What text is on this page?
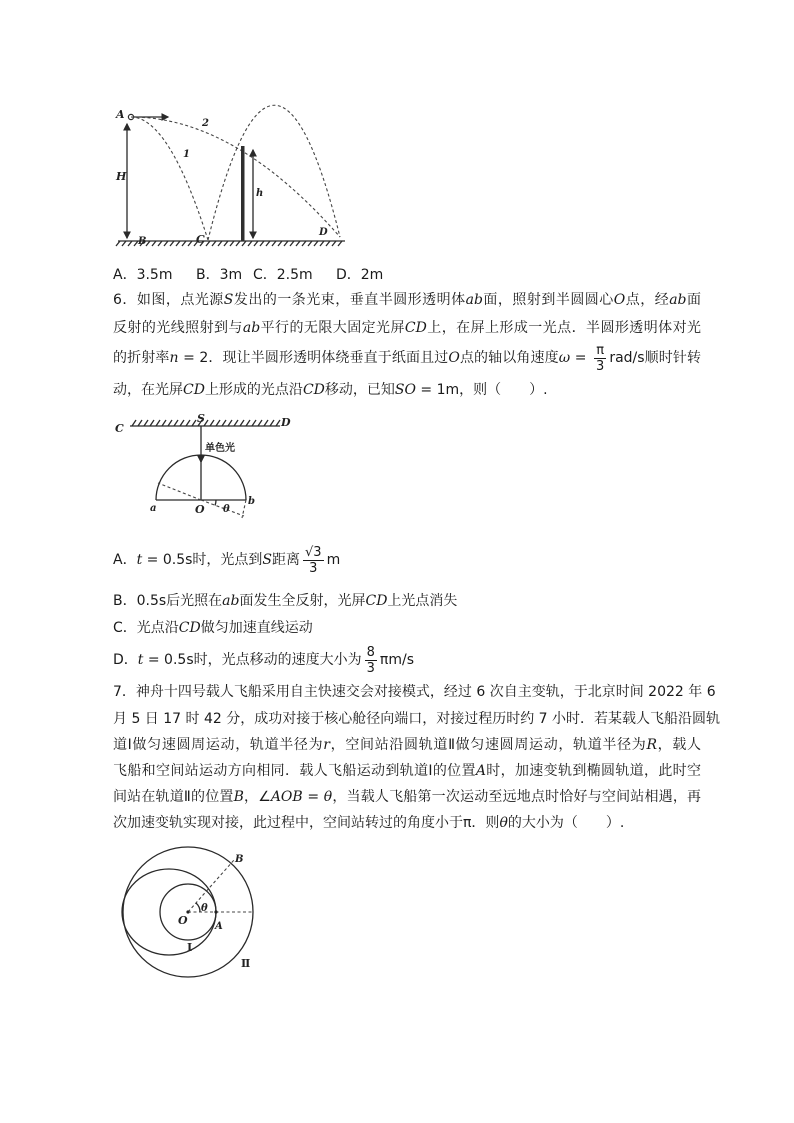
A
H
B	C
D
1
2
h
A．3.5m B．3m C．2.5m D．2m
6．如图，点光源S发出的一条光束，垂直半圆形透明体ab面，照射到半圆圆心O点，经ab面
反射的光线照射到与ab平行的无限大固定光屏CD上，在屏上形成一光点．半圆形透明体对光
的折射率n = 2．现让半圆形透明体绕垂直于纸面且过O点的轴以角速度$\omega = \frac{\pi}{3} rad/s$顺时针转
动，在光屏CD上形成的光点沿CD移动，已知SO = 1m，则（　　）.
C
S	D
单色光
a	O θ
b
A．t = 0.5s时，光点到S距离 $\frac{√3}{3}$ m
B．0.5s后光照在ab面发生全反射，光屏CD上光点消失
C．光点沿CD做匀加速直线运动
D．t = 0.5s时，光点移动的速度大小为 $\frac{8}{3} \pi m/s$
7．神舟十四号载人飞船采用自主快速交会对接模式，经过 6 次自主变轨，于北京时间 2022 年 6
月 5 日 17 时 42 分，成功对接于核心舱径向端口，对接过程历时约 7 小时．若某载人飞船沿圆轨
道Ⅰ做匀速圆周运动，轨道半径为r，空间站沿圆轨道Ⅱ做匀速圆周运动，轨道半径为R，载人
飞船和空间站运动方向相同．载人飞船运动到轨道Ⅰ的位置A时，加速变轨到椭圆轨道，此时空
间站在轨道Ⅱ的位置B，∠AOB = θ，当载人飞船第一次运动至远地点时恰好与空间站相遇，再
次加速变轨实现对接，此过程中，空间站转过的角度小于π．则θ的大小为（　　）.
B
O
θ
A
Ⅰ
Ⅱ
